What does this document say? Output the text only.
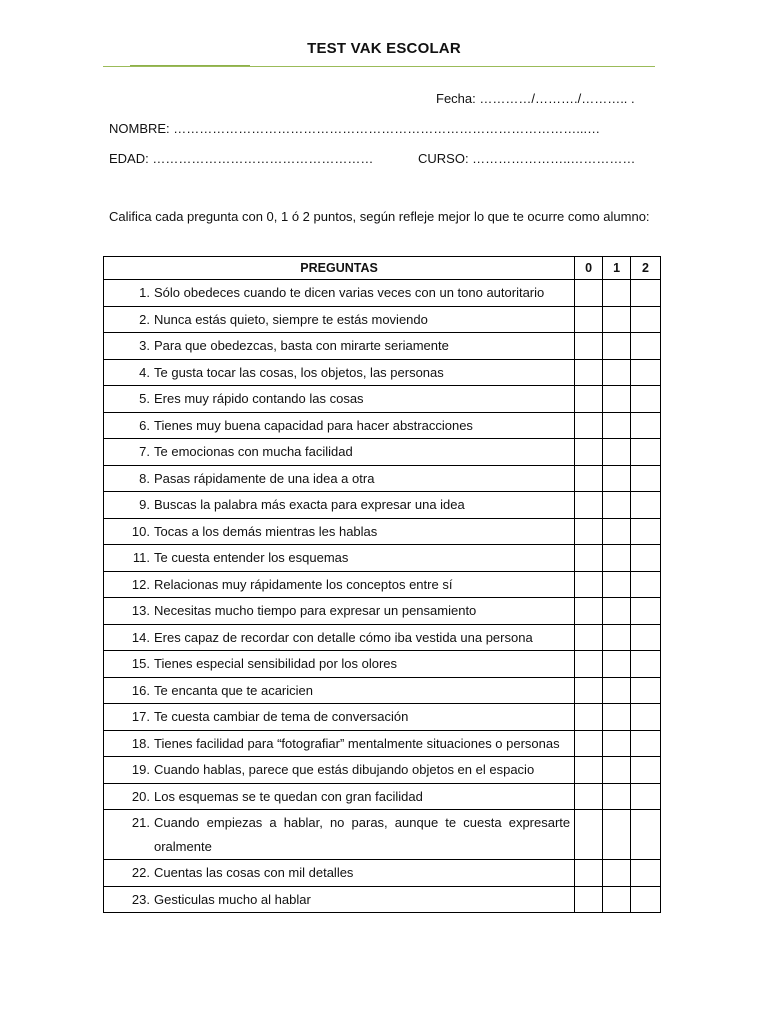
TEST VAK ESCOLAR
Fecha: …………/………./……….. .
NOMBRE: …………………………………………………………………………………...…
EDAD: ……………………………………………	CURSO: …………………..……………
Califica cada pregunta con 0, 1 ó 2 puntos, según refleje mejor lo que te ocurre como alumno:
PREGUNTAS	0	1	2

1. Sólo obedeces cuando te dicen varias veces con un tono autoritario			

2. Nunca estás quieto, siempre te estás moviendo			

3. Para que obedezcas, basta con mirarte seriamente			

4. Te gusta tocar las cosas, los objetos, las personas			

5. Eres muy rápido contando las cosas			

6. Tienes muy buena capacidad para hacer abstracciones			

7. Te emocionas con mucha facilidad			

8. Pasas rápidamente de una idea a otra			

9. Buscas la palabra más exacta para expresar una idea			

10. Tocas a los demás mientras les hablas			

11. Te cuesta entender los esquemas			

12. Relacionas muy rápidamente los conceptos entre sí			

13. Necesitas mucho tiempo para expresar un pensamiento			

14. Eres capaz de recordar con detalle cómo iba vestida una persona			

15. Tienes especial sensibilidad por los olores			

16. Te encanta que te acaricien			

17. Te cuesta cambiar de tema de conversación			

18. Tienes facilidad para “fotografiar” mentalmente situaciones o personas			

19. Cuando hablas, parece que estás dibujando objetos en el espacio			

20. Los esquemas se te quedan con gran facilidad			

21. Cuando empiezas a hablar, no paras, aunque te cuesta expresarte oralmente			

22. Cuentas las cosas con mil detalles			

23. Gesticulas mucho al hablar			
